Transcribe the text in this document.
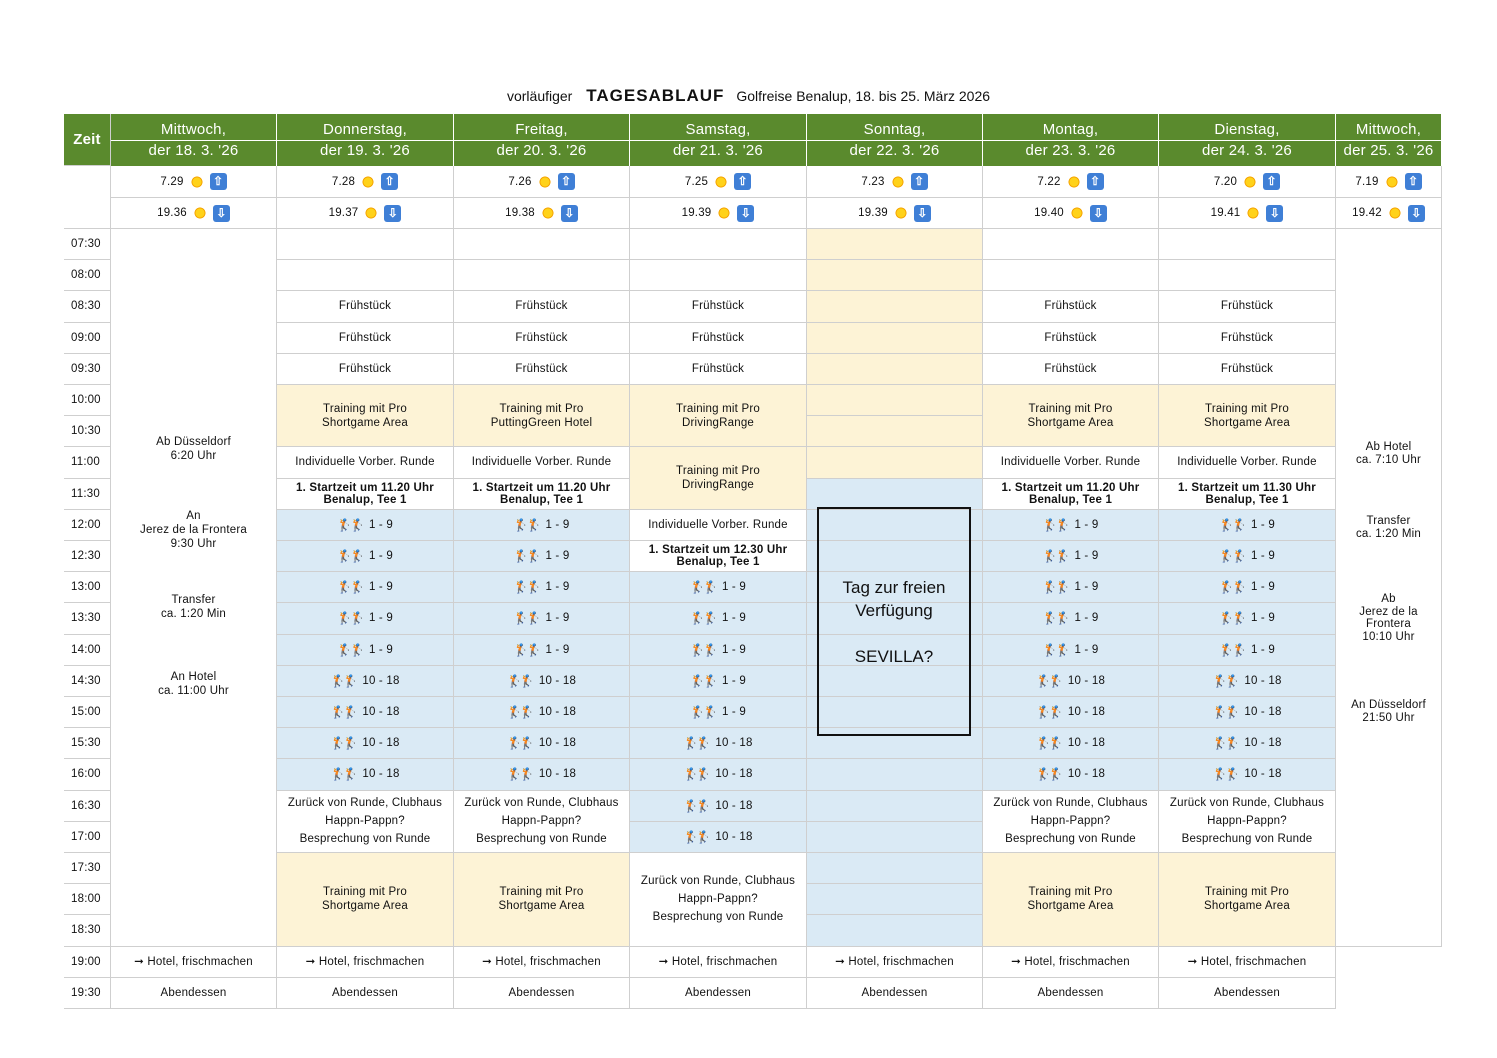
vorläufiger TAGESABLAUF Golfreise Benalup, 18. bis 25. März 2026
Zeit
Mittwoch,
der 18. 3. '26
Donnerstag,
der 19. 3. '26
Freitag,
der 20. 3. '26
Samstag,
der 21. 3. '26
Sonntag,
der 22. 3. '26
Montag,
der 23. 3. '26
Dienstag,
der 24. 3. '26
Mittwoch,
der 25. 3. '26
7.29 ⇧
19.36 ⇩
7.28 ⇧
19.37 ⇩
7.26 ⇧
19.38 ⇩
7.25 ⇧
19.39 ⇩
7.23 ⇧
19.39 ⇩
7.22 ⇧
19.40 ⇩
7.20 ⇧
19.41 ⇩
7.19 ⇧
19.42 ⇩
07:30
08:00
08:30
09:00
09:30
10:00
10:30
11:00
11:30
12:00
12:30
13:00
13:30
14:00
14:30
15:00
15:30
16:00
16:30
17:00
17:30
18:00
18:30
19:00
19:30
Ab Düsseldorf
6:20 Uhr
An
Jerez de la Frontera
9:30 Uhr
Transfer
ca. 1:20 Min
An Hotel
ca. 11:00 Uhr
➞ Hotel, frischmachen
Abendessen
Frühstück
Frühstück
Frühstück
Training mit Pro
Shortgame Area
Individuelle Vorber. Runde
1. Startzeit um 11.20 Uhr
Benalup, Tee 1
🏌🏌 1 - 9
🏌🏌 1 - 9
🏌🏌 1 - 9
🏌🏌 1 - 9
🏌🏌 1 - 9
🏌🏌 10 - 18
🏌🏌 10 - 18
🏌🏌 10 - 18
🏌🏌 10 - 18
Zurück von Runde, Clubhaus
Happn-Pappn?
Besprechung von Runde
Training mit Pro
Shortgame Area
➞ Hotel, frischmachen
Abendessen
Frühstück
Frühstück
Frühstück
Training mit Pro
PuttingGreen Hotel
Individuelle Vorber. Runde
1. Startzeit um 11.20 Uhr
Benalup, Tee 1
🏌🏌 1 - 9
🏌🏌 1 - 9
🏌🏌 1 - 9
🏌🏌 1 - 9
🏌🏌 1 - 9
🏌🏌 10 - 18
🏌🏌 10 - 18
🏌🏌 10 - 18
🏌🏌 10 - 18
Zurück von Runde, Clubhaus
Happn-Pappn?
Besprechung von Runde
Training mit Pro
Shortgame Area
➞ Hotel, frischmachen
Abendessen
Frühstück
Frühstück
Frühstück
Training mit Pro
Shortgame Area
Individuelle Vorber. Runde
1. Startzeit um 11.20 Uhr
Benalup, Tee 1
🏌🏌 1 - 9
🏌🏌 1 - 9
🏌🏌 1 - 9
🏌🏌 1 - 9
🏌🏌 1 - 9
🏌🏌 10 - 18
🏌🏌 10 - 18
🏌🏌 10 - 18
🏌🏌 10 - 18
Zurück von Runde, Clubhaus
Happn-Pappn?
Besprechung von Runde
Training mit Pro
Shortgame Area
➞ Hotel, frischmachen
Abendessen
Frühstück
Frühstück
Frühstück
Training mit Pro
Shortgame Area
Individuelle Vorber. Runde
1. Startzeit um 11.30 Uhr
Benalup, Tee 1
🏌🏌 1 - 9
🏌🏌 1 - 9
🏌🏌 1 - 9
🏌🏌 1 - 9
🏌🏌 1 - 9
🏌🏌 10 - 18
🏌🏌 10 - 18
🏌🏌 10 - 18
🏌🏌 10 - 18
Zurück von Runde, Clubhaus
Happn-Pappn?
Besprechung von Runde
Training mit Pro
Shortgame Area
➞ Hotel, frischmachen
Abendessen
Frühstück
Frühstück
Frühstück
Training mit Pro
DrivingRange
Training mit Pro
DrivingRange
Individuelle Vorber. Runde
1. Startzeit um 12.30 Uhr
Benalup, Tee 1
🏌🏌 1 - 9
🏌🏌 1 - 9
🏌🏌 1 - 9
🏌🏌 1 - 9
🏌🏌 1 - 9
🏌🏌 10 - 18
🏌🏌 10 - 18
🏌🏌 10 - 18
🏌🏌 10 - 18
Zurück von Runde, Clubhaus
Happn-Pappn?
Besprechung von Runde
➞ Hotel, frischmachen
Abendessen
➞ Hotel, frischmachen
Abendessen
Tag zur freien
Verfügung
SEVILLA?
Ab Hotel
ca. 7:10 Uhr
Transfer
ca. 1:20 Min
Ab
Jerez de la
Frontera
10:10 Uhr
An Düsseldorf
21:50 Uhr
